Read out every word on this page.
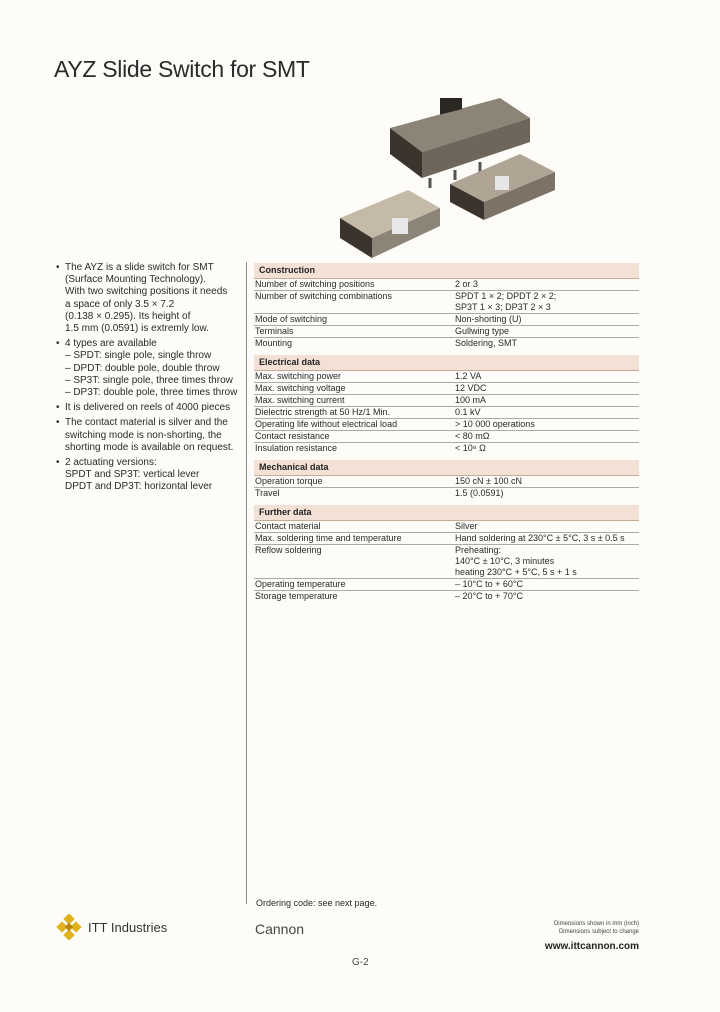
AYZ Slide Switch for SMT
• The AYZ is a slide switch for SMT
(Surface Mounting Technology).
With two switching positions it needs
a space of only 3.5 × 7.2
(0.138 × 0.295). Its height of
1.5 mm (0.0591) is extremly low.
• 4 types are available
– SPDT: single pole, single throw
– DPDT: double pole, double throw
– SP3T: single pole, three times throw
– DP3T: double pole, three times throw
• It is delivered on reels of 4000 pieces
• The contact material is silver and the
switching mode is non-shorting, the
shorting mode is available on request.
• 2 actuating versions:
SPDT and SP3T: vertical lever
DPDT and DP3T: horizontal lever
Construction
Number of switching positions	2 or 3
Number of switching combinations	SPDT 1 × 2; DPDT 2 × 2;
SP3T 1 × 3; DP3T 2 × 3
Mode of switching	Non-shorting (U)
Terminals	Gullwing type
Mounting	Soldering, SMT
Electrical data
Max. switching power	1.2 VA
Max. switching voltage	12 VDC
Max. switching current	100 mA
Dielectric strength at 50 Hz/1 Min.	0.1 kV
Operating life without electrical load	> 10 000 operations
Contact resistance	< 80 mΩ
Insulation resistance	< 10⁸ Ω
Mechanical data
Operation torque	150 cN ± 100 cN
Travel	1.5 (0.0591)
Further data
Contact material	Silver
Max. soldering time and temperature	Hand soldering at 230°C ± 5°C, 3 s ± 0.5 s
Reflow soldering	Preheating:
140°C ± 10°C, 3 minutes
heating 230°C + 5°C, 5 s + 1 s
Operating temperature	– 10°C to + 60°C
Storage temperature	– 20°C to + 70°C
Ordering code: see next page.
ITT Industries	Cannon	Dimensions shown in mm (inch)
Dimensions subject to change
www.ittcannon.com
G-2
